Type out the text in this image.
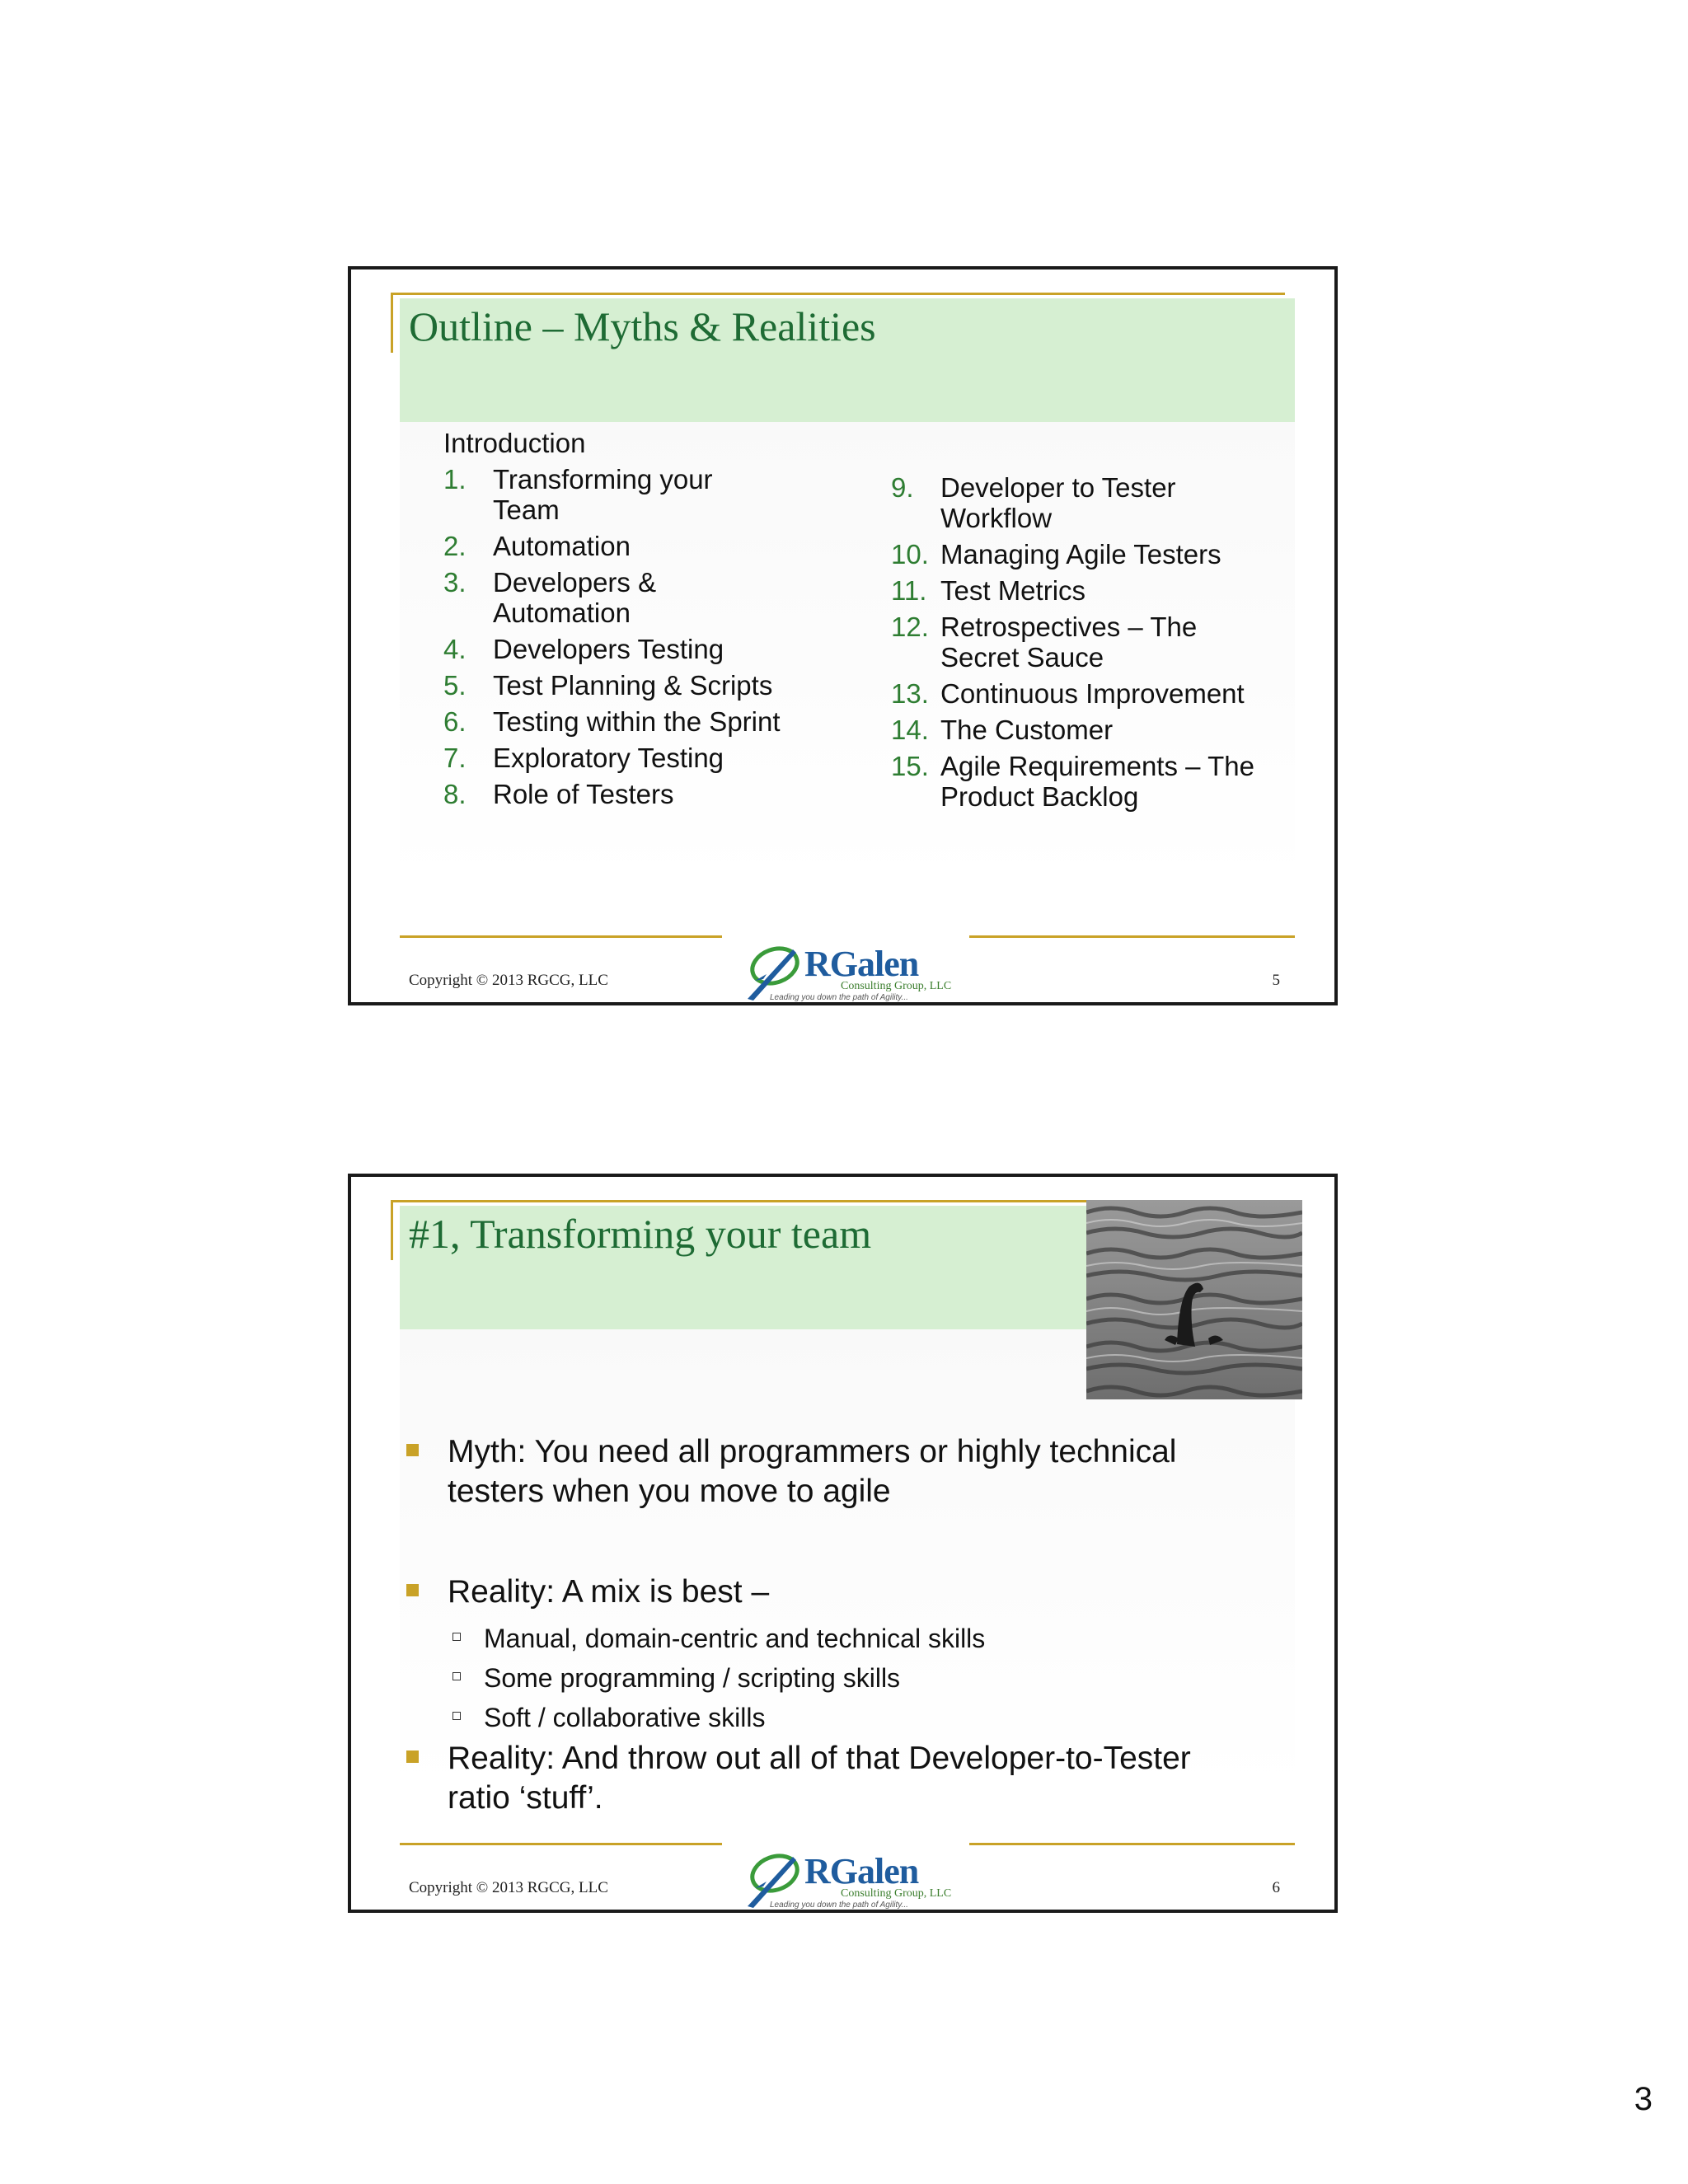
Outline – Myths & Realities
Introduction
1. Transforming your Team
2. Automation
3. Developers & Automation
4. Developers Testing
5. Test Planning & Scripts
6. Testing within the Sprint
7. Exploratory Testing
8. Role of Testers
9. Developer to Tester Workflow
10. Managing Agile Testers
11. Test Metrics
12. Retrospectives – The Secret Sauce
13. Continuous Improvement
14. The Customer
15. Agile Requirements – The Product Backlog
Copyright © 2013 RGCG, LLC	5
RGalen
Consulting Group, LLC
Leading you down the path of Agility...
#1, Transforming your team
Myth: You need all programmers or highly technical testers when you move to agile
Reality: A mix is best –
Manual, domain-centric and technical skills
Some programming / scripting skills
Soft / collaborative skills
Reality: And throw out all of that Developer-to-Tester ratio ‘stuff’.
Copyright © 2013 RGCG, LLC	6
RGalen
Consulting Group, LLC
Leading you down the path of Agility...
3
